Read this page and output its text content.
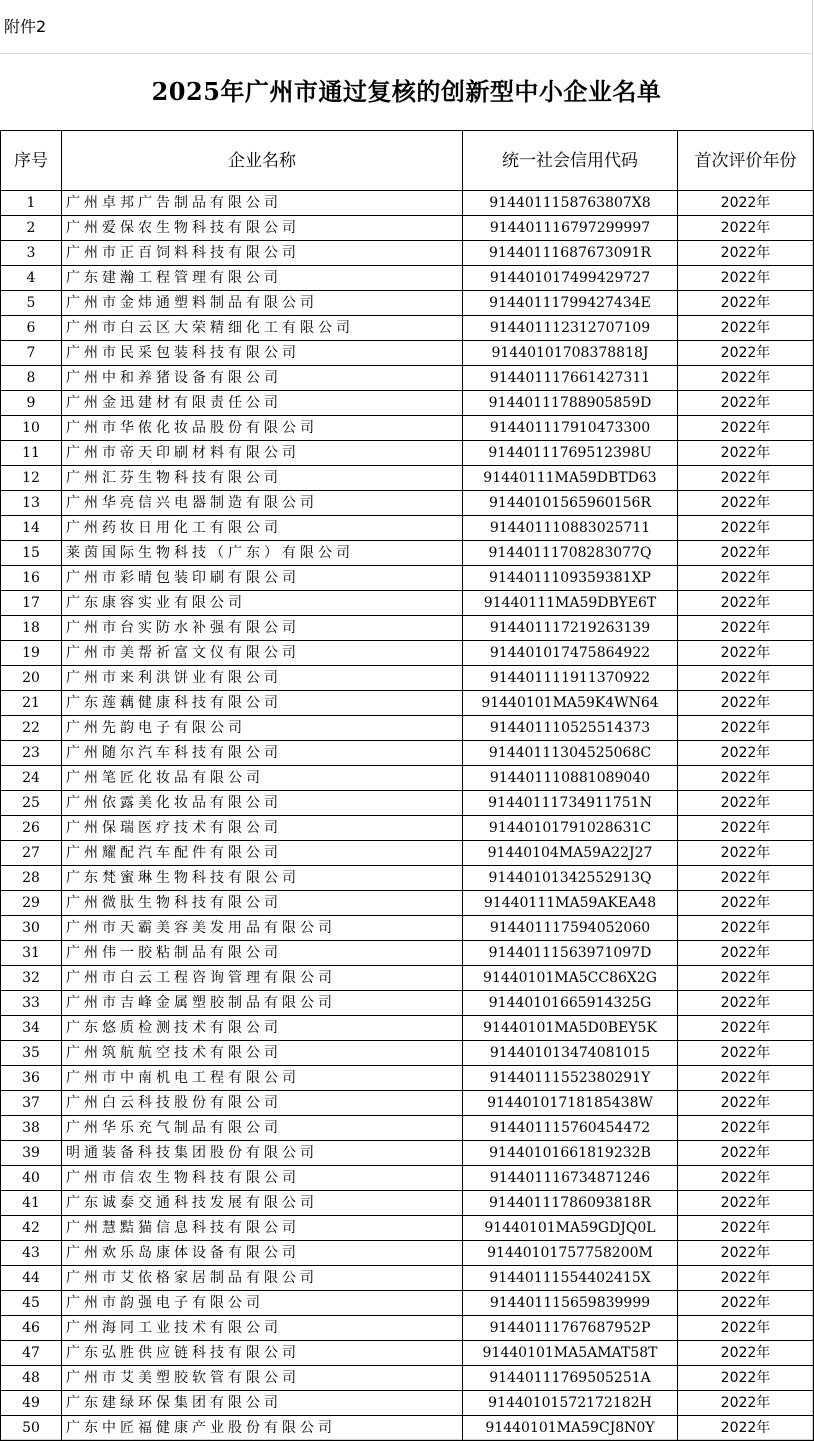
附件2
2025年广州市通过复核的创新型中小企业名单
序号	企业名称	统一社会信用代码	首次评价年份
1	广州卓邦广告制品有限公司	9144011158763807X8	2022年
2	广州爱保农生物科技有限公司	914401116797299997	2022年
3	广州市正百饲料科技有限公司	91440111687673091R	2022年
4	广东建瀚工程管理有限公司	914401017499429727	2022年
5	广州市金炜通塑料制品有限公司	91440111799427434E	2022年
6	广州市白云区大荣精细化工有限公司	914401112312707109	2022年
7	广州市民采包装科技有限公司	91440101708378818J	2022年
8	广州中和养猪设备有限公司	914401117661427311	2022年
9	广州金迅建材有限责任公司	91440111788905859D	2022年
10	广州市华侬化妆品股份有限公司	914401117910473300	2022年
11	广州市帝天印刷材料有限公司	91440111769512398U	2022年
12	广州汇芬生物科技有限公司	91440111MA59DBTD63	2022年
13	广州华亮信兴电器制造有限公司	91440101565960156R	2022年
14	广州药妆日用化工有限公司	914401110883025711	2022年
15	莱茵国际生物科技（广东）有限公司	91440111708283077Q	2022年
16	广州市彩晴包装印刷有限公司	9144011109359381XP	2022年
17	广东康容实业有限公司	91440111MA59DBYE6T	2022年
18	广州市台实防水补强有限公司	914401117219263139	2022年
19	广州市美帮祈富文仪有限公司	914401017475864922	2022年
20	广州市来利洪饼业有限公司	914401111911370922	2022年
21	广东莲藕健康科技有限公司	91440101MA59K4WN64	2022年
22	广州先韵电子有限公司	914401110525514373	2022年
23	广州随尔汽车科技有限公司	91440111304525068C	2022年
24	广州笔匠化妆品有限公司	914401110881089040	2022年
25	广州依露美化妆品有限公司	91440111734911751N	2022年
26	广州保瑞医疗技术有限公司	91440101791028631C	2022年
27	广州耀配汽车配件有限公司	91440104MA59A22J27	2022年
28	广东梵蜜琳生物科技有限公司	91440101342552913Q	2022年
29	广州微肽生物科技有限公司	91440111MA59AKEA48	2022年
30	广州市天霸美容美发用品有限公司	914401117594052060	2022年
31	广州伟一胶粘制品有限公司	91440111563971097D	2022年
32	广州市白云工程咨询管理有限公司	91440101MA5CC86X2G	2022年
33	广州市吉峰金属塑胶制品有限公司	91440101665914325G	2022年
34	广东悠质检测技术有限公司	91440101MA5D0BEY5K	2022年
35	广州筑航航空技术有限公司	914401013474081015	2022年
36	广州市中南机电工程有限公司	91440111552380291Y	2022年
37	广州白云科技股份有限公司	91440101718185438W	2022年
38	广州华乐充气制品有限公司	914401115760454472	2022年
39	明通装备科技集团股份有限公司	91440101661819232B	2022年
40	广州市信农生物科技有限公司	914401116734871246	2022年
41	广东诚泰交通科技发展有限公司	91440111786093818R	2022年
42	广州慧黠猫信息科技有限公司	91440101MA59GDJQ0L	2022年
43	广州欢乐岛康体设备有限公司	91440101757758200M	2022年
44	广州市艾依格家居制品有限公司	91440111554402415X	2022年
45	广州市韵强电子有限公司	914401115659839999	2022年
46	广州海同工业技术有限公司	91440111767687952P	2022年
47	广东弘胜供应链科技有限公司	91440101MA5AMAT58T	2022年
48	广州市艾美塑胶软管有限公司	91440111769505251A	2022年
49	广东建绿环保集团有限公司	91440101572172182H	2022年
50	广东中匠福健康产业股份有限公司	91440101MA59CJ8N0Y	2022年
